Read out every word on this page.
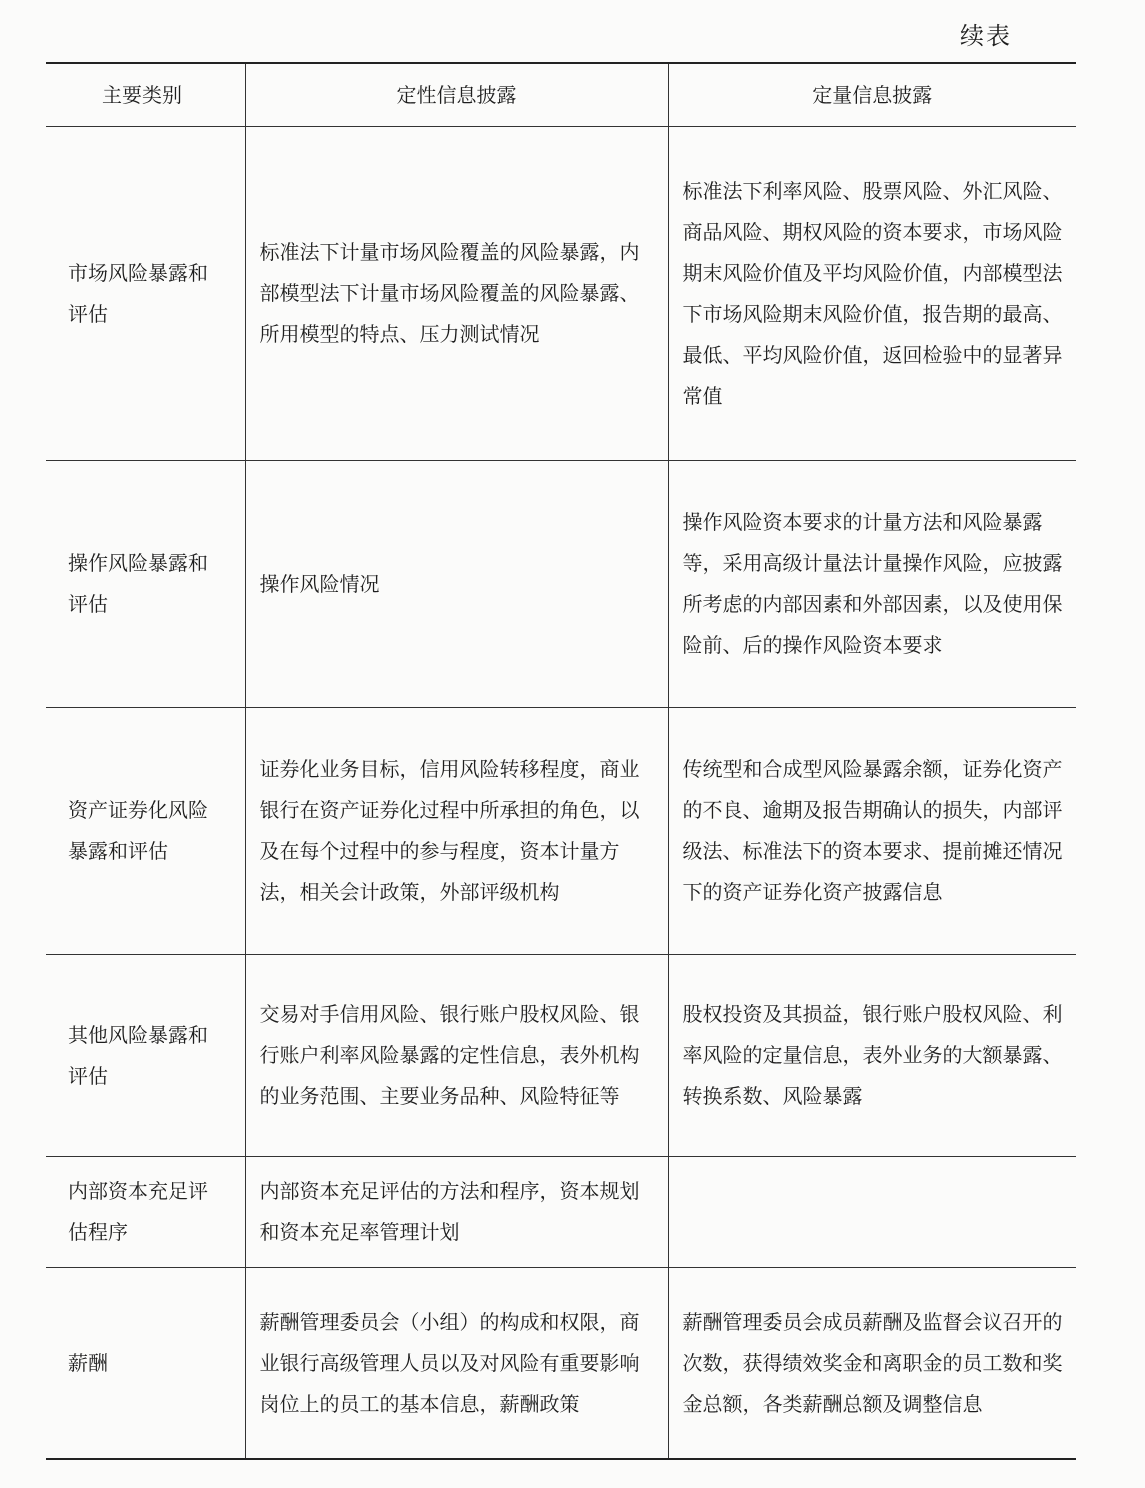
续表
主要类别	定性信息披露	定量信息披露
市场风险暴露和评估	标准法下计量市场风险覆盖的风险暴露，内部模型法下计量市场风险覆盖的风险暴露、所用模型的特点、压力测试情况	标准法下利率风险、股票风险、外汇风险、商品风险、期权风险的资本要求，市场风险期末风险价值及平均风险价值，内部模型法下市场风险期末风险价值，报告期的最高、最低、平均风险价值，返回检验中的显著异常值
操作风险暴露和评估	操作风险情况	操作风险资本要求的计量方法和风险暴露等，采用高级计量法计量操作风险，应披露所考虑的内部因素和外部因素，以及使用保险前、后的操作风险资本要求
资产证券化风险暴露和评估	证券化业务目标，信用风险转移程度，商业银行在资产证券化过程中所承担的角色，以及在每个过程中的参与程度，资本计量方法，相关会计政策，外部评级机构	传统型和合成型风险暴露余额，证券化资产的不良、逾期及报告期确认的损失，内部评级法、标准法下的资本要求、提前摊还情况下的资产证券化资产披露信息
其他风险暴露和评估	交易对手信用风险、银行账户股权风险、银行账户利率风险暴露的定性信息，表外机构的业务范围、主要业务品种、风险特征等	股权投资及其损益，银行账户股权风险、利率风险的定量信息，表外业务的大额暴露、转换系数、风险暴露
内部资本充足评估程序	内部资本充足评估的方法和程序，资本规划和资本充足率管理计划	
薪酬	薪酬管理委员会（小组）的构成和权限，商业银行高级管理人员以及对风险有重要影响岗位上的员工的基本信息，薪酬政策	薪酬管理委员会成员薪酬及监督会议召开的次数，获得绩效奖金和离职金的员工数和奖金总额，各类薪酬总额及调整信息
